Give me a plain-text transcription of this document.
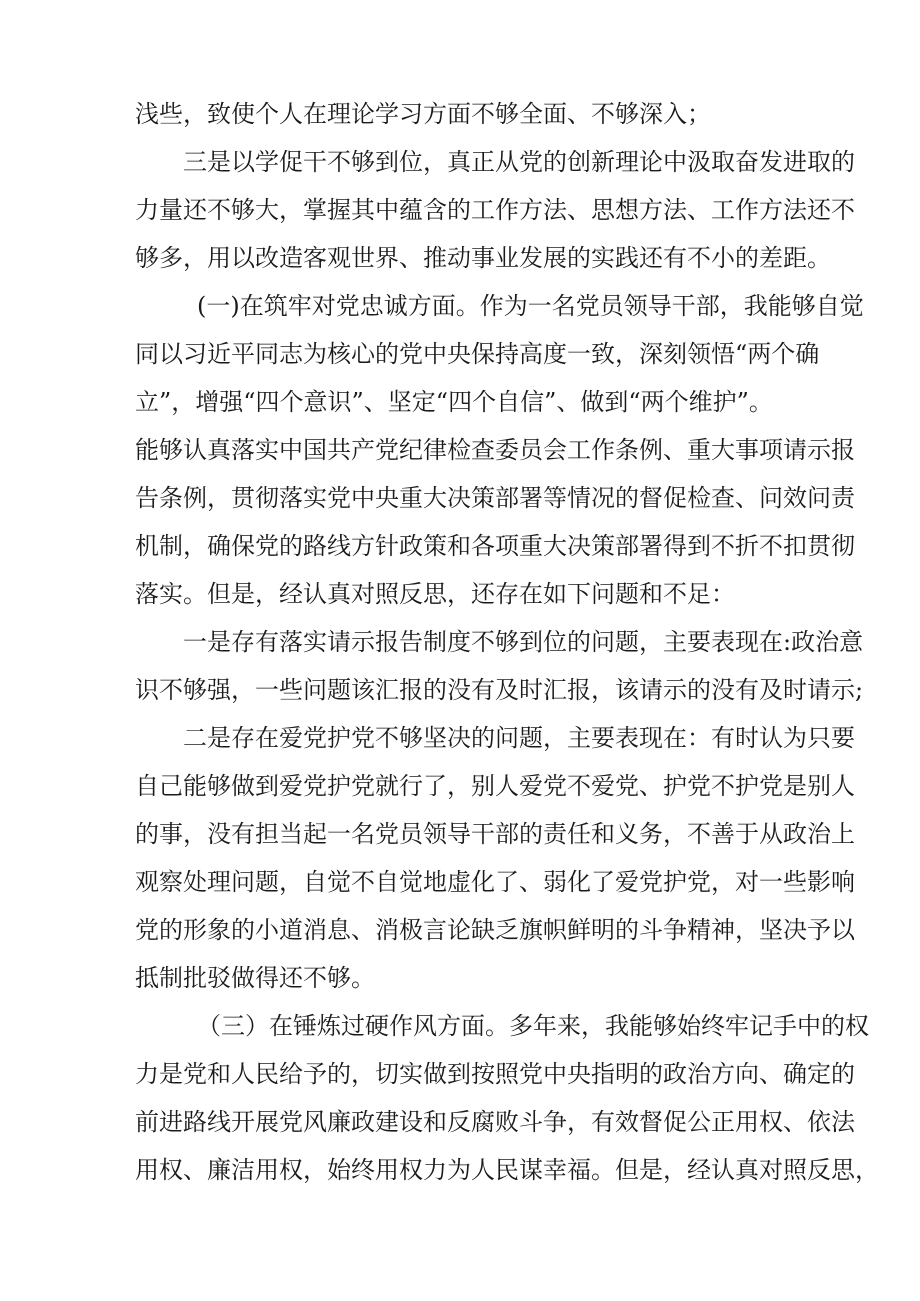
浅些，致使个人在理论学习方面不够全面、不够深入；
三是以学促干不够到位，真正从党的创新理论中汲取奋发进取的
力量还不够大，掌握其中蕴含的工作方法、思想方法、工作方法还不
够多，用以改造客观世界、推动事业发展的实践还有不小的差距。
(一)在筑牢对党忠诚方面。作为一名党员领导干部，我能够自觉
同以习近平同志为核心的党中央保持高度一致，深刻领悟“两个确
立”，增强“四个意识”、坚定“四个自信”、做到“两个维护”。
能够认真落实中国共产党纪律检查委员会工作条例、重大事项请示报
告条例，贯彻落实党中央重大决策部署等情况的督促检查、问效问责
机制，确保党的路线方针政策和各项重大决策部署得到不折不扣贯彻
落实。但是，经认真对照反思，还存在如下问题和不足：
一是存有落实请示报告制度不够到位的问题，主要表现在:政治意
识不够强，一些问题该汇报的没有及时汇报，该请示的没有及时请示;
二是存在爱党护党不够坚决的问题，主要表现在：有时认为只要
自己能够做到爱党护党就行了，别人爱党不爱党、护党不护党是别人
的事，没有担当起一名党员领导干部的责任和义务，不善于从政治上
观察处理问题，自觉不自觉地虚化了、弱化了爱党护党，对一些影响
党的形象的小道消息、消极言论缺乏旗帜鲜明的斗争精神，坚决予以
抵制批驳做得还不够。
（三）在锤炼过硬作风方面。多年来，我能够始终牢记手中的权
力是党和人民给予的，切实做到按照党中央指明的政治方向、确定的
前进路线开展党风廉政建设和反腐败斗争，有效督促公正用权、依法
用权、廉洁用权，始终用权力为人民谋幸福。但是，经认真对照反思，
